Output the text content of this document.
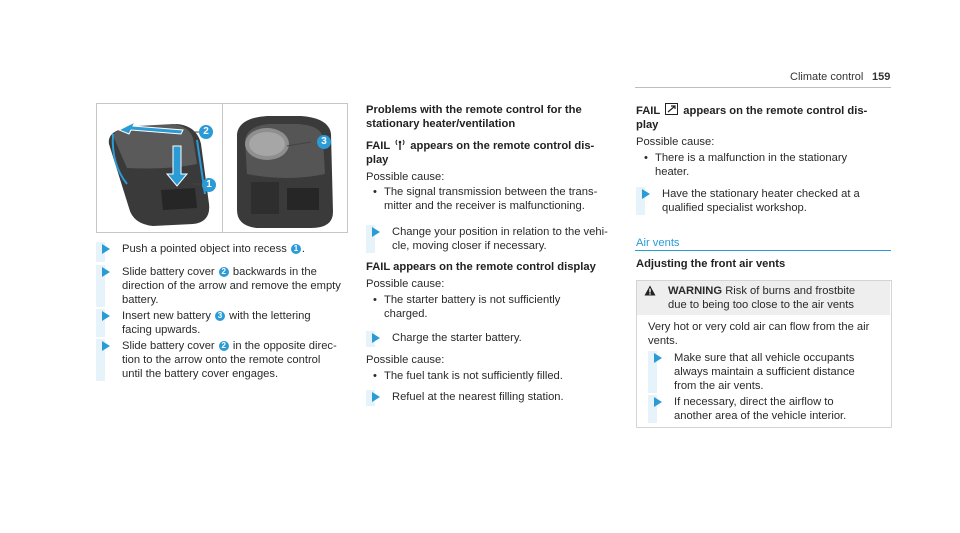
Climate control 159
2
1
3
Push a pointed object into recess 1 .
Slide battery cover 2 backwards in the
direction of the arrow and remove the empty
battery.
Insert new battery 3 with the lettering
facing upwards.
Slide battery cover 2 in the opposite direc-
tion to the arrow onto the remote control
until the battery cover engages.
Problems with the remote control for the
stationary heater/ventilation
FAIL appears on the remote control dis-
play
Possible cause:
The signal transmission between the trans-
mitter and the receiver is malfunctioning.
Change your position in relation to the vehi-
cle, moving closer if necessary.
FAIL appears on the remote control display
Possible cause:
The starter battery is not sufficiently
charged.
Charge the starter battery.
Possible cause:
The fuel tank is not sufficiently filled.
Refuel at the nearest filling station.
FAIL appears on the remote control dis-
play
Possible cause:
There is a malfunction in the stationary
heater.
Have the stationary heater checked at a
qualified specialist workshop.
Air vents
Adjusting the front air vents
WARNING Risk of burns and frostbite
due to being too close to the air vents
Very hot or very cold air can flow from the air
vents.
Make sure that all vehicle occupants
always maintain a sufficient distance
from the air vents.
If necessary, direct the airflow to
another area of the vehicle interior.
